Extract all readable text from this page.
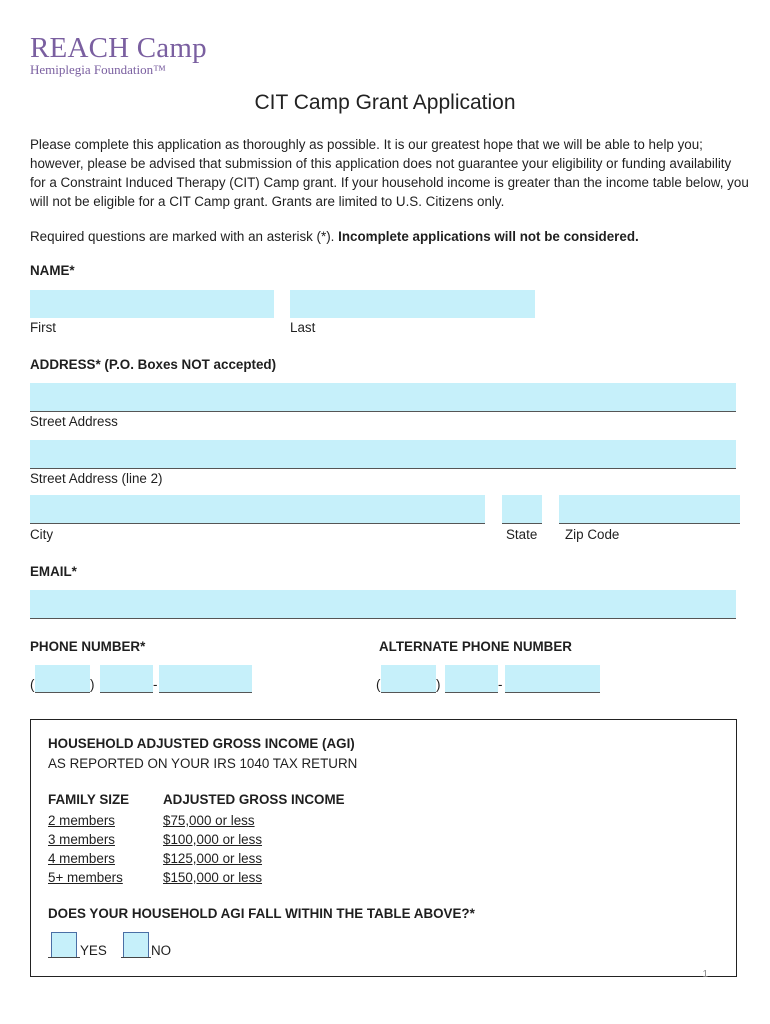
REACH Camp
Hemiplegia Foundation™
CIT Camp Grant Application
Please complete this application as thoroughly as possible. It is our greatest hope that we will be able to help you; however, please be advised that submission of this application does not guarantee your eligibility or funding availability for a Constraint Induced Therapy (CIT) Camp grant. If your household income is greater than the income table below, you will not be eligible for a CIT Camp grant. Grants are limited to U.S. Citizens only.
Required questions are marked with an asterisk (*). Incomplete applications will not be considered.
NAME*
First	Last
ADDRESS* (P.O. Boxes NOT accepted)
Street Address
Street Address (line 2)
City	State Zip Code
EMAIL*
PHONE NUMBER*	ALTERNATE PHONE NUMBER
(	)	-	(	)	-
HOUSEHOLD ADJUSTED GROSS INCOME (AGI)
AS REPORTED ON YOUR IRS 1040 TAX RETURN
FAMILY SIZE	ADJUSTED GROSS INCOME
2 members	$75,000 or less
3 members	$100,000 or less
4 members	$125,000 or less
5+ members	$150,000 or less
DOES YOUR HOUSEHOLD AGI FALL WITHIN THE TABLE ABOVE?*
YES	NO
1
